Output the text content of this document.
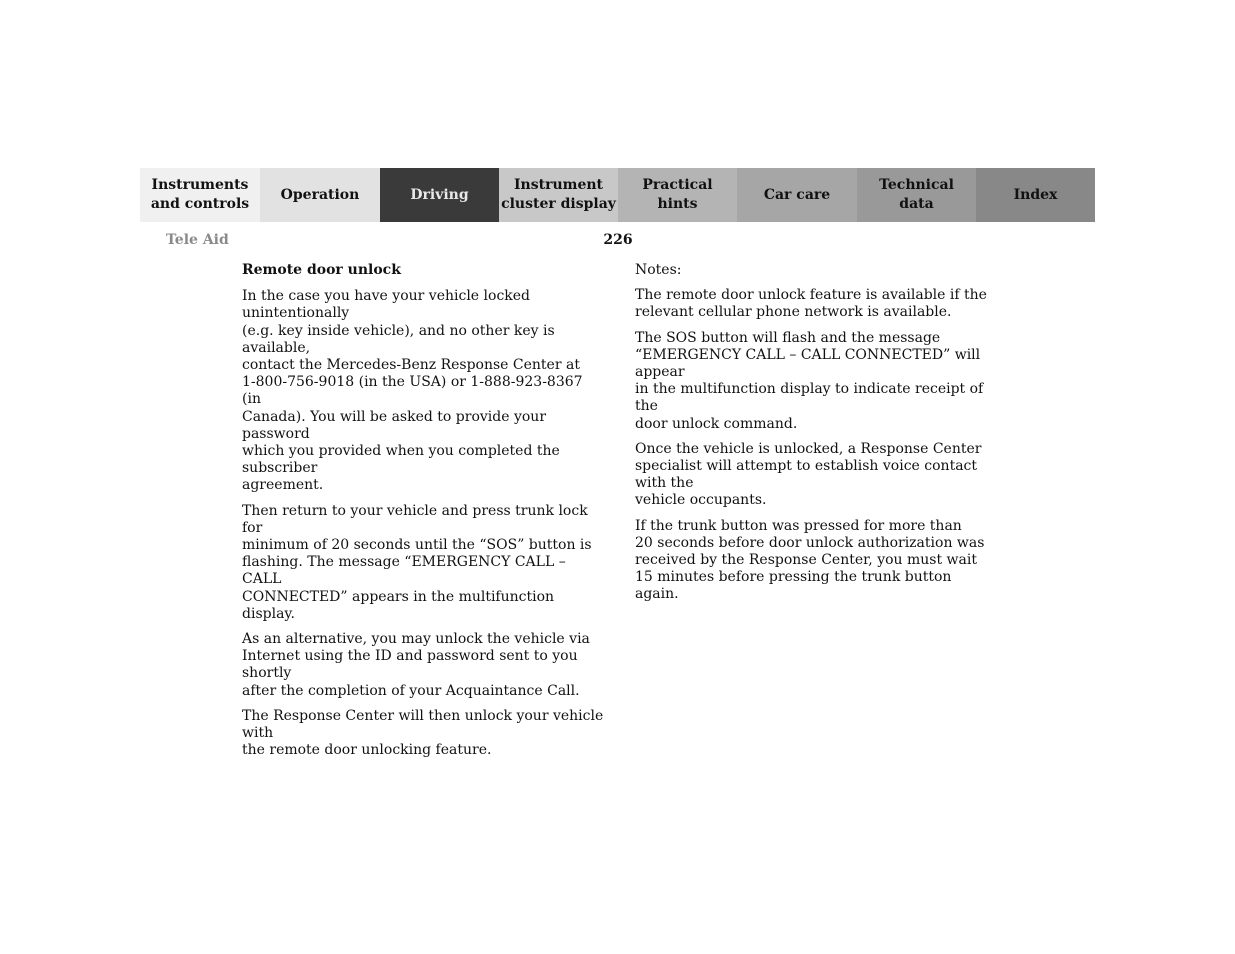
Instruments
and controls
Operation	Driving
Instrument
cluster display
Practical hints
Car care
Technical
data
Index
Tele Aid	226
Remote door unlock

In the case you have your vehicle locked unintentionally
(e.g. key inside vehicle), and no other key is available,
contact the Mercedes-Benz Response Center at
1-800-756-9018 (in the USA) or 1-888-923-8367 (in
Canada). You will be asked to provide your password
which you provided when you completed the subscriber
agreement.

Then return to your vehicle and press trunk lock for
minimum of 20 seconds until the “SOS” button is
flashing. The message “EMERGENCY CALL – CALL
CONNECTED” appears in the multifunction display.

As an alternative, you may unlock the vehicle via
Internet using the ID and password sent to you shortly
after the completion of your Acquaintance Call.

The Response Center will then unlock your vehicle with
the remote door unlocking feature.

Notes:

The remote door unlock feature is available if the
relevant cellular phone network is available.

The SOS button will flash and the message
“EMERGENCY CALL – CALL CONNECTED” will appear
in the multifunction display to indicate receipt of the
door unlock command.

Once the vehicle is unlocked, a Response Center
specialist will attempt to establish voice contact with the
vehicle occupants.

If the trunk button was pressed for more than
20 seconds before door unlock authorization was
received by the Response Center, you must wait
15 minutes before pressing the trunk button again.
